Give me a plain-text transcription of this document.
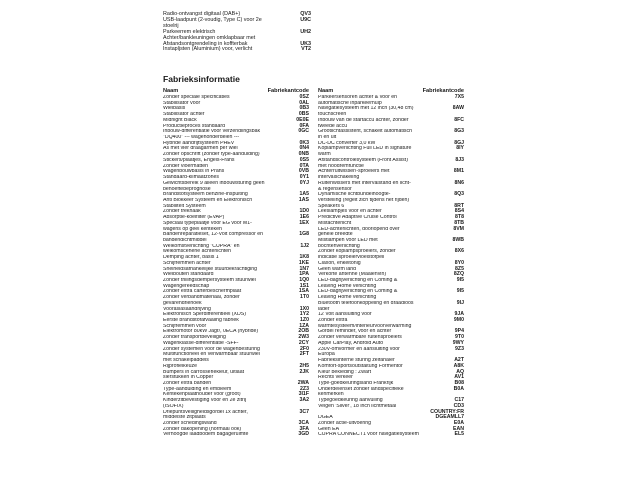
Radio-ontvangst digitaal (DAB+)	QV3
USB-laadpunt (2-voudig, Type C) voor 2e	U9C
stoelrij
Parkeerrem elektrisch	UH2
Achter/bankleuningen omklapbaar met
Afstandsontgrendeling in koffterbak	UK3
Instapljsten (Aluminium) voor, verlicht	VT2
Fabrieksinformatie
Naam	Fabriekantcode Naam	Fabriekantcode
Zonder speciale specificaties	0SZ
Stabilisator vóór	0AL
Wielbasis	0B3
Stabilisator achter	0BS
Midnight Black	0E0E
Productieproces standaard	0FA
Inbouw-differentiatie voor verzendlingsbak	0GC
"DQ400" --- wagenonderdelen ---
Hybride aandrijfsysteem PHEV	0K3
As met vier draagarmen per wiel	0N4
Zonder opschrift (zonder type-aanduiding)	0NB
Stickers/plaatjes, Engels-Frans	0S5
Zonder vloermatten	0TA
Wagenbouwbasis in Prans	0VB
Standaard-klimaatzones	0Y1
Gewichtsbereik 9 alleen inbouwsturing geen	0YJ
behoeftebeprognose
Brandstofsysteem benzine-inspuiting	1A5
Anti Blokkeer Systeem en Elektronisch	1AS
Stabiliteit Systeem
Zonder trekhaak	1D0
Absorptie-koelfilter (EVAP)	1E6
Speciaal typeplaatje voor EG voor M1-	1EX
wagens op geel kenteken
Bandenreparatieset, 12-Volt compressor en	1G8
bandendichtmiddel
Welkomstverlichting "CUPRA" en	1J2
welkomscenerie achterlichten
Demping achter, basis 1	1K8
Schijfremmen achter	1KE
Snelheidsafhankelijke stuurbekrachtiging	1N7
Wielbouten standaard	1PA
Zonder trillingsdempersysteem stuurwiel	1Q0
Wagengereedschap	1S1
Zonder extra carterbeschermplaat	1SA
Zonder verbandmateriaal, zonder	1T0
gevarendriehoek
Vooraslasaandrijving	1X0
Elektronisch Sperdifferentieel (XDS)	1Y2
Eerste brandstofafvaaling fabriek	1Z0
Schijfremmen vóór	1ZA
Elektromotor 80kW Jagr/, 0ECA (hybride)	2OB
Zonder transportbeveiliging	2W3
Wagenklasse-differentiatie -SFF-	2CY
Zonder systemen voor de wagenbesturing	2F0
Multifunctioneel en verwarmbaar stuurwiel	2FT
met schakelpaddels
Rijprofielkeuze	2H5
Bumpers in carrosseriekleur, uitlaat	2JK
sierstukken in Copper
Zonder extra banden	2WA
Type-aanduiding en embleem	2Z3
Kentekenplaathouder vóór (groot)	3I1F
Kinderzitbevestiging vóór en 2e zitrij	3A2
(ISOFIX)
Driepuntsveiligheidsgordel 1x achter,	3C7
middelste zitplaats
Zonder schedingswand	3CA
Zonder dakopening (normaal ook)	3FA
Verhoogde laadbodem bagageruimte	3GD
Parkeersensoren achter & voor en	7X5
automatische inparkeerhulp
Navigatiesysteem met 12 inch (30,48 cm)	8AW
touchscreen
Inbouw van de startaccu achter, zonder	8FC
tweede accu
Grootlichtassistent, schakelt automatisch	8G3
in en uit
DC-DC converter 3,0 kW	8GJ
Koplampverlichting Full LED in signature	8IY
warm
Afstandscontrolesysteem (Front Assist)	8J3
met noodremfunctie
Achterruitwisser/-sproeiers met	8M1
intervalschakeling
Ruitenwissers met intervalstand en licht-	8N6
& regensensor
Dynamische lichtbundelhoogte-	8Q3
verstelling (regelt zich tijdens het rijden)
Speakers 6	8RT
Leeslampjes voor en achter	8S4
Predictive Adaptive Cruise Control	8T8
Mistachterlicht	8TB
LED-achterlichten, doorlopend over	8VM
gehele breedte
Mistlampen vóór LED met	8WB
bochtenverlichting
Zonder koplampsproeiers, zonder	8X6
indicatie sproeiervloeistofpeil
Claxon, enkeltonig	8Y0
Geen warm land	8Z5
Verkorte antenne (Maaienvin)	8ZQ
LED-dagrijverlichting en Coming &	9I5
Leaving Home verlichting
LED-dagrijverlichting en Coming &	9I5
Leaving Home verlichting
Bluetooth telefoonkoppeling en draadloos	9IJ
lader
12 Volt aansluiting vóór	9JA
Zonder extra	9M0
warmtesysteem/interieurvoorverwarming
Gordel reminder, vóór en achter	9P4
Zonder verwarmbare ruitensproeiers	9T0
Apple CarPlay, Android Auto	9WY
230V-omvormer en aansluiting voor	9Z3
Europa
Fabrieksinterne sturing zelfahaler	A2T
Komfort-sportsoutstaltung Formentor	A8K
Kleur bekleding : Zwart	AQ
Rechts verkeer	AV1
Type-goedkeuringsland Frankrijk	B08
Onderdelenset zonder landspecifieke	B0A
kenmerken
Typegoedkeuring aanvulling	C17
Velgen 'Silver', 18 inch lichtmetaal	CD3
COUNTRY:FR
DGEA	DGEAMLL7
Zonder actie-uitvoering	E0A
Geen EA	EAN
CUPRA CONNECT1 voor navigatiesysteem	EL5
